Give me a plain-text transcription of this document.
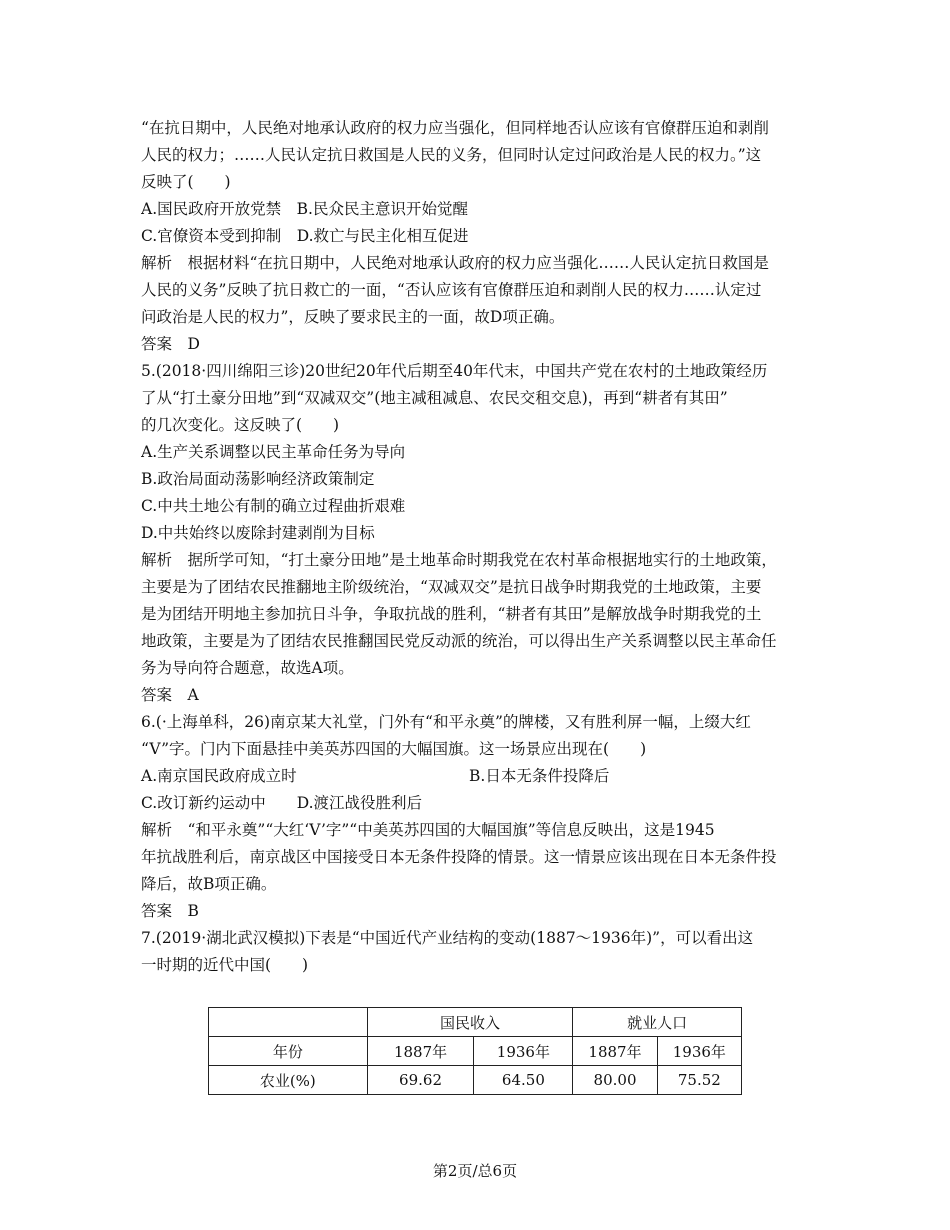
“在抗日期中，人民绝对地承认政府的权力应当强化，但同样地否认应该有官僚群压迫和剥削
人民的权力；……人民认定抗日救国是人民的义务，但同时认定过问政治是人民的权力。”这
反映了(　　)
A.国民政府开放党禁　B.民众民主意识开始觉醒
C.官僚资本受到抑制　D.救亡与民主化相互促进
解析　根据材料“在抗日期中，人民绝对地承认政府的权力应当强化……人民认定抗日救国是
人民的义务”反映了抗日救亡的一面，“否认应该有官僚群压迫和剥削人民的权力……认定过
问政治是人民的权力”，反映了要求民主的一面，故D项正确。
答案　D
5.(2018·四川绵阳三诊)20世纪20年代后期至40年代末，中国共产党在农村的土地政策经历
了从“打土豪分田地”到“双减双交”(地主减租减息、农民交租交息)，再到“耕者有其田”
的几次变化。这反映了(　　)
A.生产关系调整以民主革命任务为导向
B.政治局面动荡影响经济政策制定
C.中共土地公有制的确立过程曲折艰难
D.中共始终以废除封建剥削为目标
解析　据所学可知，“打土豪分田地”是土地革命时期我党在农村革命根据地实行的土地政策，
主要是为了团结农民推翻地主阶级统治，“双减双交”是抗日战争时期我党的土地政策，主要
是为团结开明地主参加抗日斗争，争取抗战的胜利，“耕者有其田”是解放战争时期我党的土
地政策，主要是为了团结农民推翻国民党反动派的统治，可以得出生产关系调整以民主革命任
务为导向符合题意，故选A项。
答案　A
6.(·上海单科，26)南京某大礼堂，门外有“和平永奠”的牌楼，又有胜利屏一幅，上缀大红
“V”字。门内下面悬挂中美英苏四国的大幅国旗。这一场景应出现在(　　)
A.南京国民政府成立时	B.日本无条件投降后
C.改订新约运动中　　D.渡江战役胜利后
解析　“和平永奠”“大红‘V’字”“中美英苏四国的大幅国旗”等信息反映出，这是1945
年抗战胜利后，南京战区中国接受日本无条件投降的情景。这一情景应该出现在日本无条件投
降后，故B项正确。
答案　B
7.(2019·湖北武汉模拟)下表是“中国近代产业结构的变动(1887～1936年)”，可以看出这
一时期的近代中国(　　)
	国民收入		就业人口	
年份	1887年	1936年	1887年	1936年
农业(%)	69.62	64.50	80.00	75.52
第2页/总6页
